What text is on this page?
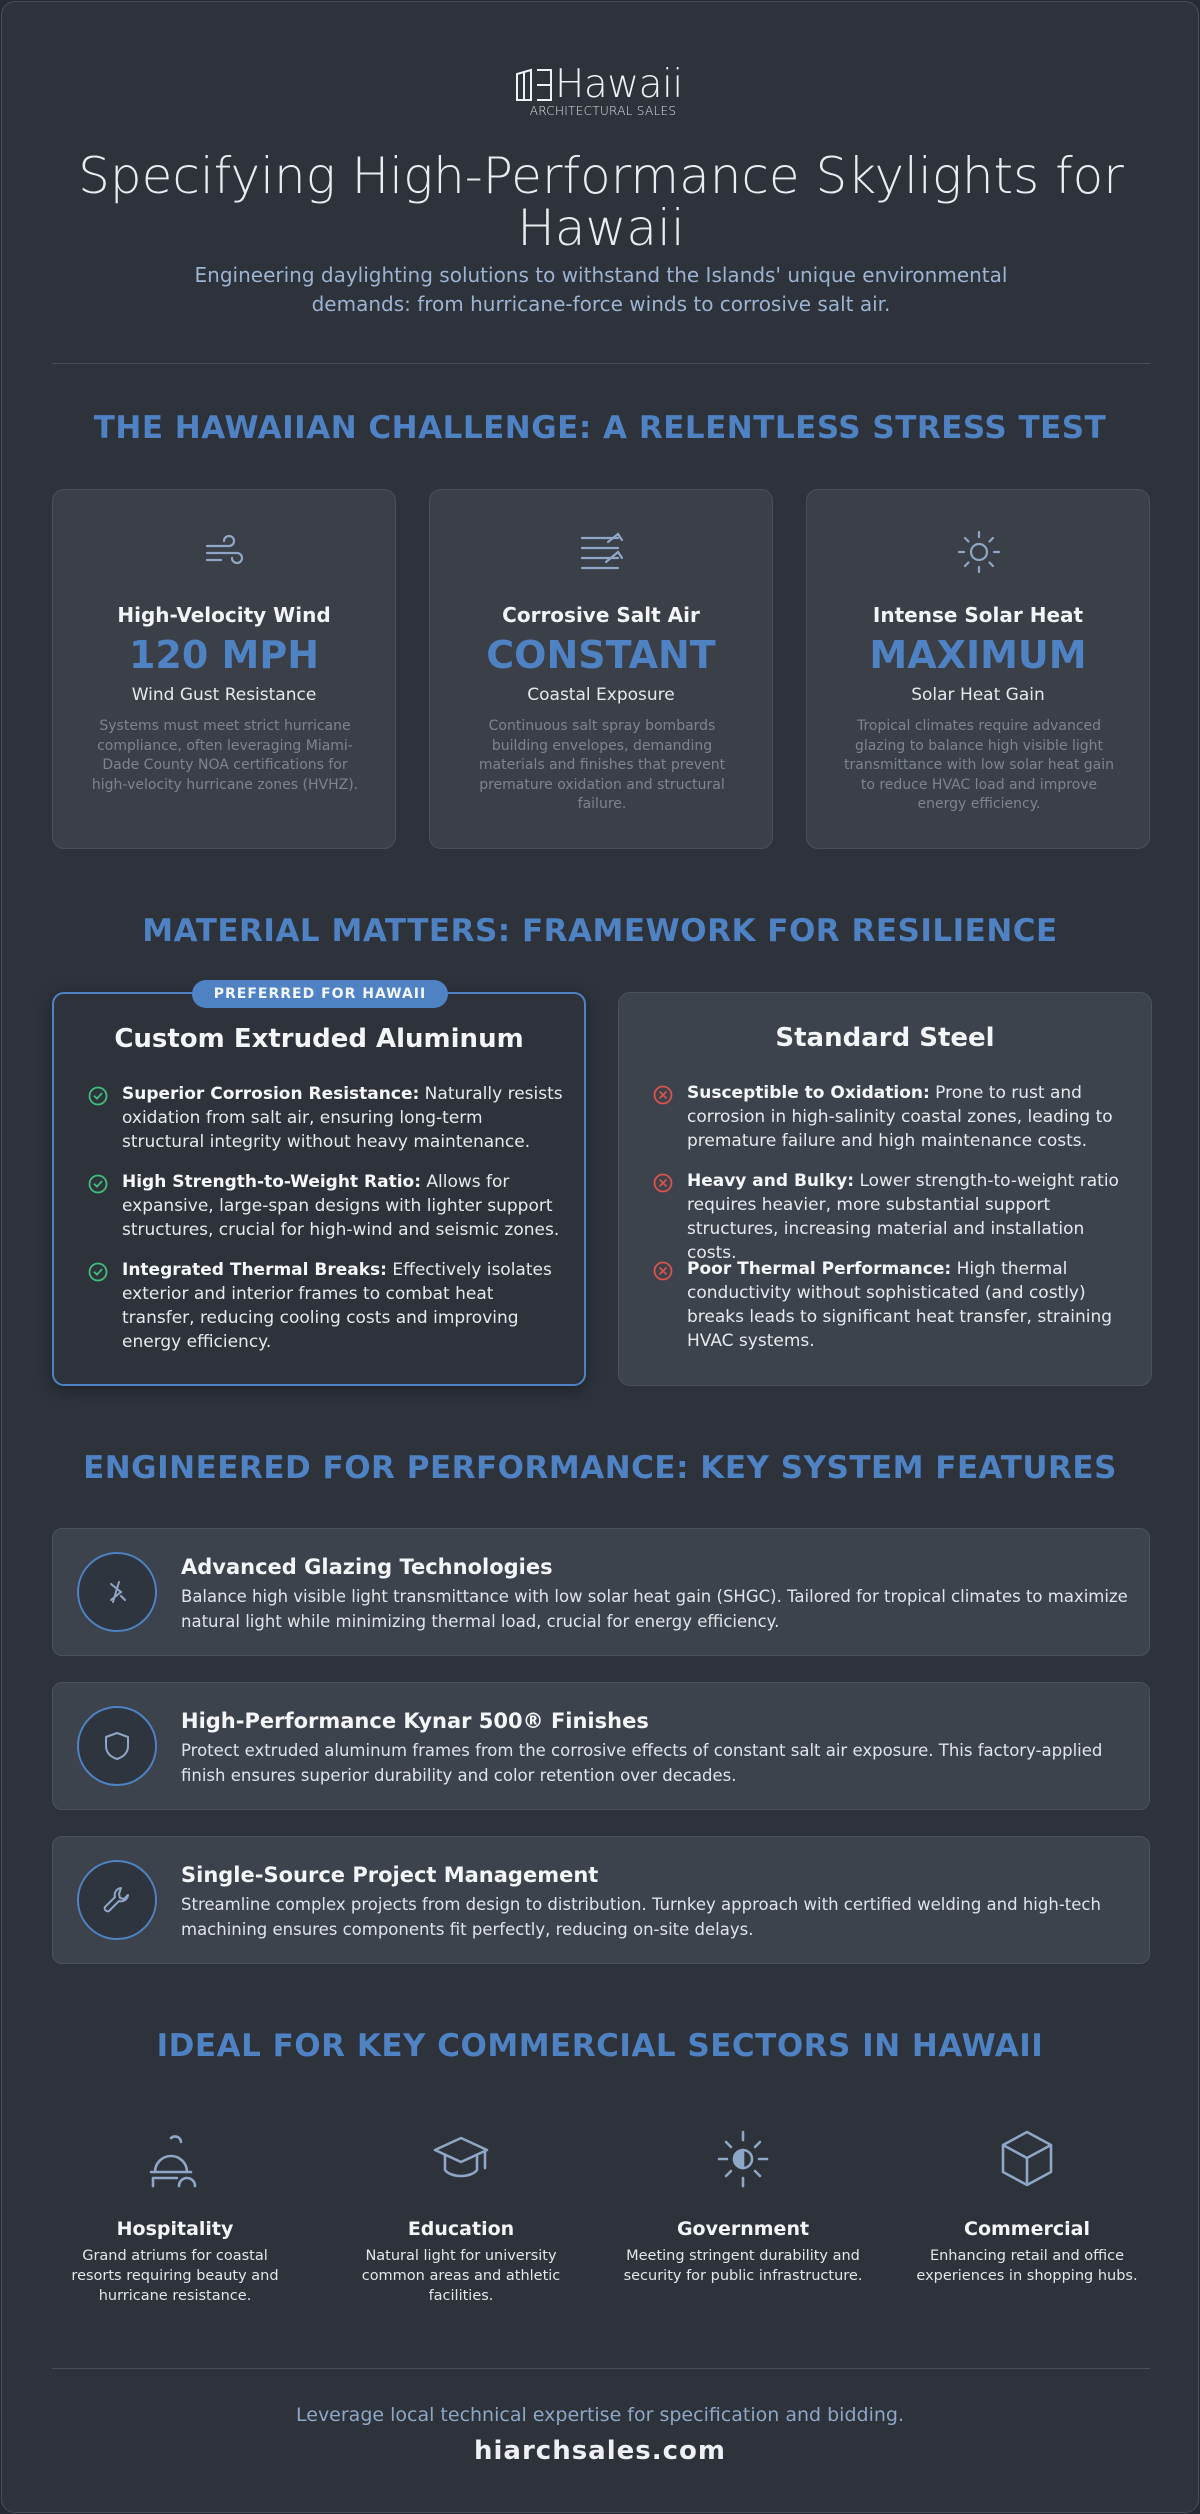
Hawaii
ARCHITECTURAL SALES
Specifying High-Performance Skylights for Hawaii
Engineering daylighting solutions to withstand the Islands' unique environmental demands: from hurricane-force winds to corrosive salt air.
THE HAWAIIAN CHALLENGE: A RELENTLESS STRESS TEST
High-Velocity Wind
120 MPH
Wind Gust Resistance
Systems must meet strict hurricane compliance, often leveraging Miami-Dade County NOA certifications for high-velocity hurricane zones (HVHZ).
Corrosive Salt Air
CONSTANT
Coastal Exposure
Continuous salt spray bombards building envelopes, demanding materials and finishes that prevent premature oxidation and structural failure.
Intense Solar Heat
MAXIMUM
Solar Heat Gain
Tropical climates require advanced glazing to balance high visible light transmittance with low solar heat gain to reduce HVAC load and improve energy efficiency.
MATERIAL MATTERS: FRAMEWORK FOR RESILIENCE
PREFERRED FOR HAWAII
Custom Extruded Aluminum
Superior Corrosion Resistance: Naturally resists oxidation from salt air, ensuring long-term structural integrity without heavy maintenance.
High Strength-to-Weight Ratio: Allows for expansive, large-span designs with lighter support structures, crucial for high-wind and seismic zones.
Integrated Thermal Breaks: Effectively isolates exterior and interior frames to combat heat transfer, reducing cooling costs and improving energy efficiency.
Standard Steel
Susceptible to Oxidation: Prone to rust and corrosion in high-salinity coastal zones, leading to premature failure and high maintenance costs.
Heavy and Bulky: Lower strength-to-weight ratio requires heavier, more substantial support structures, increasing material and installation costs.
Poor Thermal Performance: High thermal conductivity without sophisticated (and costly) breaks leads to significant heat transfer, straining HVAC systems.
ENGINEERED FOR PERFORMANCE: KEY SYSTEM FEATURES
Advanced Glazing Technologies
Balance high visible light transmittance with low solar heat gain (SHGC). Tailored for tropical climates to maximize natural light while minimizing thermal load, crucial for energy efficiency.
High-Performance Kynar 500® Finishes
Protect extruded aluminum frames from the corrosive effects of constant salt air exposure. This factory-applied finish ensures superior durability and color retention over decades.
Single-Source Project Management
Streamline complex projects from design to distribution. Turnkey approach with certified welding and high-tech machining ensures components fit perfectly, reducing on-site delays.
IDEAL FOR KEY COMMERCIAL SECTORS IN HAWAII
Hospitality
Grand atriums for coastal resorts requiring beauty and hurricane resistance.
Education
Natural light for university common areas and athletic facilities.
Government
Meeting stringent durability and security for public infrastructure.
Commercial
Enhancing retail and office experiences in shopping hubs.
Leverage local technical expertise for specification and bidding.
hiarchsales.com
